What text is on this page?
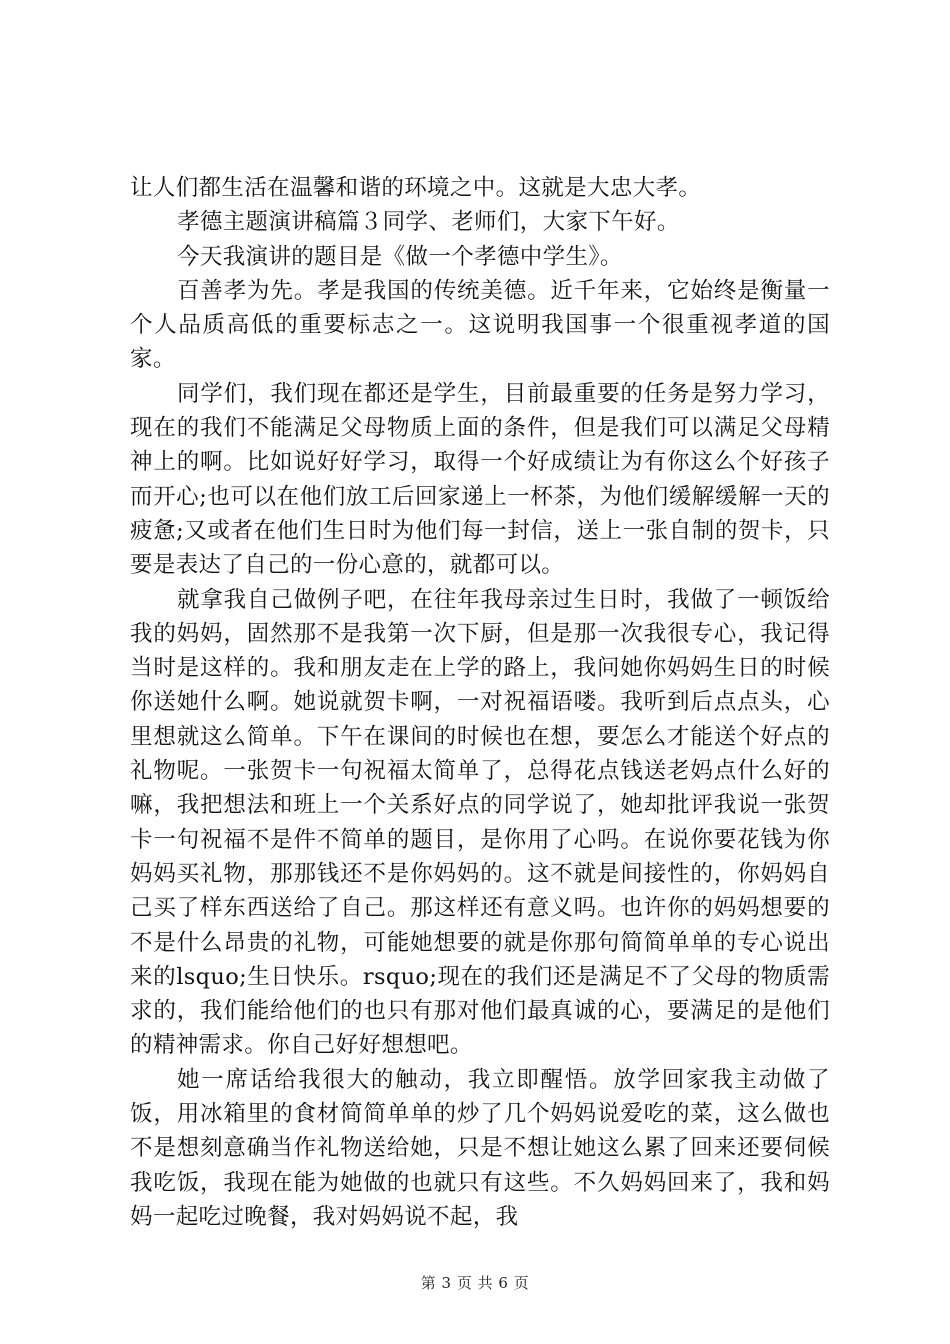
让人们都生活在温馨和谐的环境之中。这就是大忠大孝。

孝德主题演讲稿篇３同学、老师们，大家下午好。

今天我演讲的题目是《做一个孝德中学生》。

百善孝为先。孝是我国的传统美德。近千年来，它始终是衡量一个人品质高低的重要标志之一。这说明我国事一个很重视孝道的国家。

同学们，我们现在都还是学生，目前最重要的任务是努力学习，现在的我们不能满足父母物质上面的条件，但是我们可以满足父母精神上的啊。比如说好好学习，取得一个好成绩让为有你这么个好孩子而开心;也可以在他们放工后回家递上一杯茶，为他们缓解缓解一天的疲惫;又或者在他们生日时为他们每一封信，送上一张自制的贺卡，只要是表达了自己的一份心意的，就都可以。

就拿我自己做例子吧，在往年我母亲过生日时，我做了一顿饭给我的妈妈，固然那不是我第一次下厨，但是那一次我很专心，我记得当时是这样的。我和朋友走在上学的路上，我问她你妈妈生日的时候你送她什么啊。她说就贺卡啊，一对祝福语喽。我听到后点点头，心里想就这么简单。下午在课间的时候也在想，要怎么才能送个好点的礼物呢。一张贺卡一句祝福太简单了，总得花点钱送老妈点什么好的嘛，我把想法和班上一个关系好点的同学说了，她却批评我说一张贺卡一句祝福不是件不简单的题目，是你用了心吗。在说你要花钱为你妈妈买礼物，那那钱还不是你妈妈的。这不就是间接性的，你妈妈自己买了样东西送给了自己。那这样还有意义吗。也许你的妈妈想要的不是什么昂贵的礼物，可能她想要的就是你那句简简单单的专心说出来的lsquo;生日快乐。rsquo;现在的我们还是满足不了父母的物质需求的，我们能给他们的也只有那对他们最真诚的心，要满足的是他们的精神需求。你自己好好想想吧。

她一席话给我很大的触动，我立即醒悟。放学回家我主动做了饭，用冰箱里的食材简简单单的炒了几个妈妈说爱吃的菜，这么做也不是想刻意确当作礼物送给她，只是不想让她这么累了回来还要伺候我吃饭，我现在能为她做的也就只有这些。不久妈妈回来了，我和妈妈一起吃过晚餐，我对妈妈说不起，我

第 3 页 共 6 页
